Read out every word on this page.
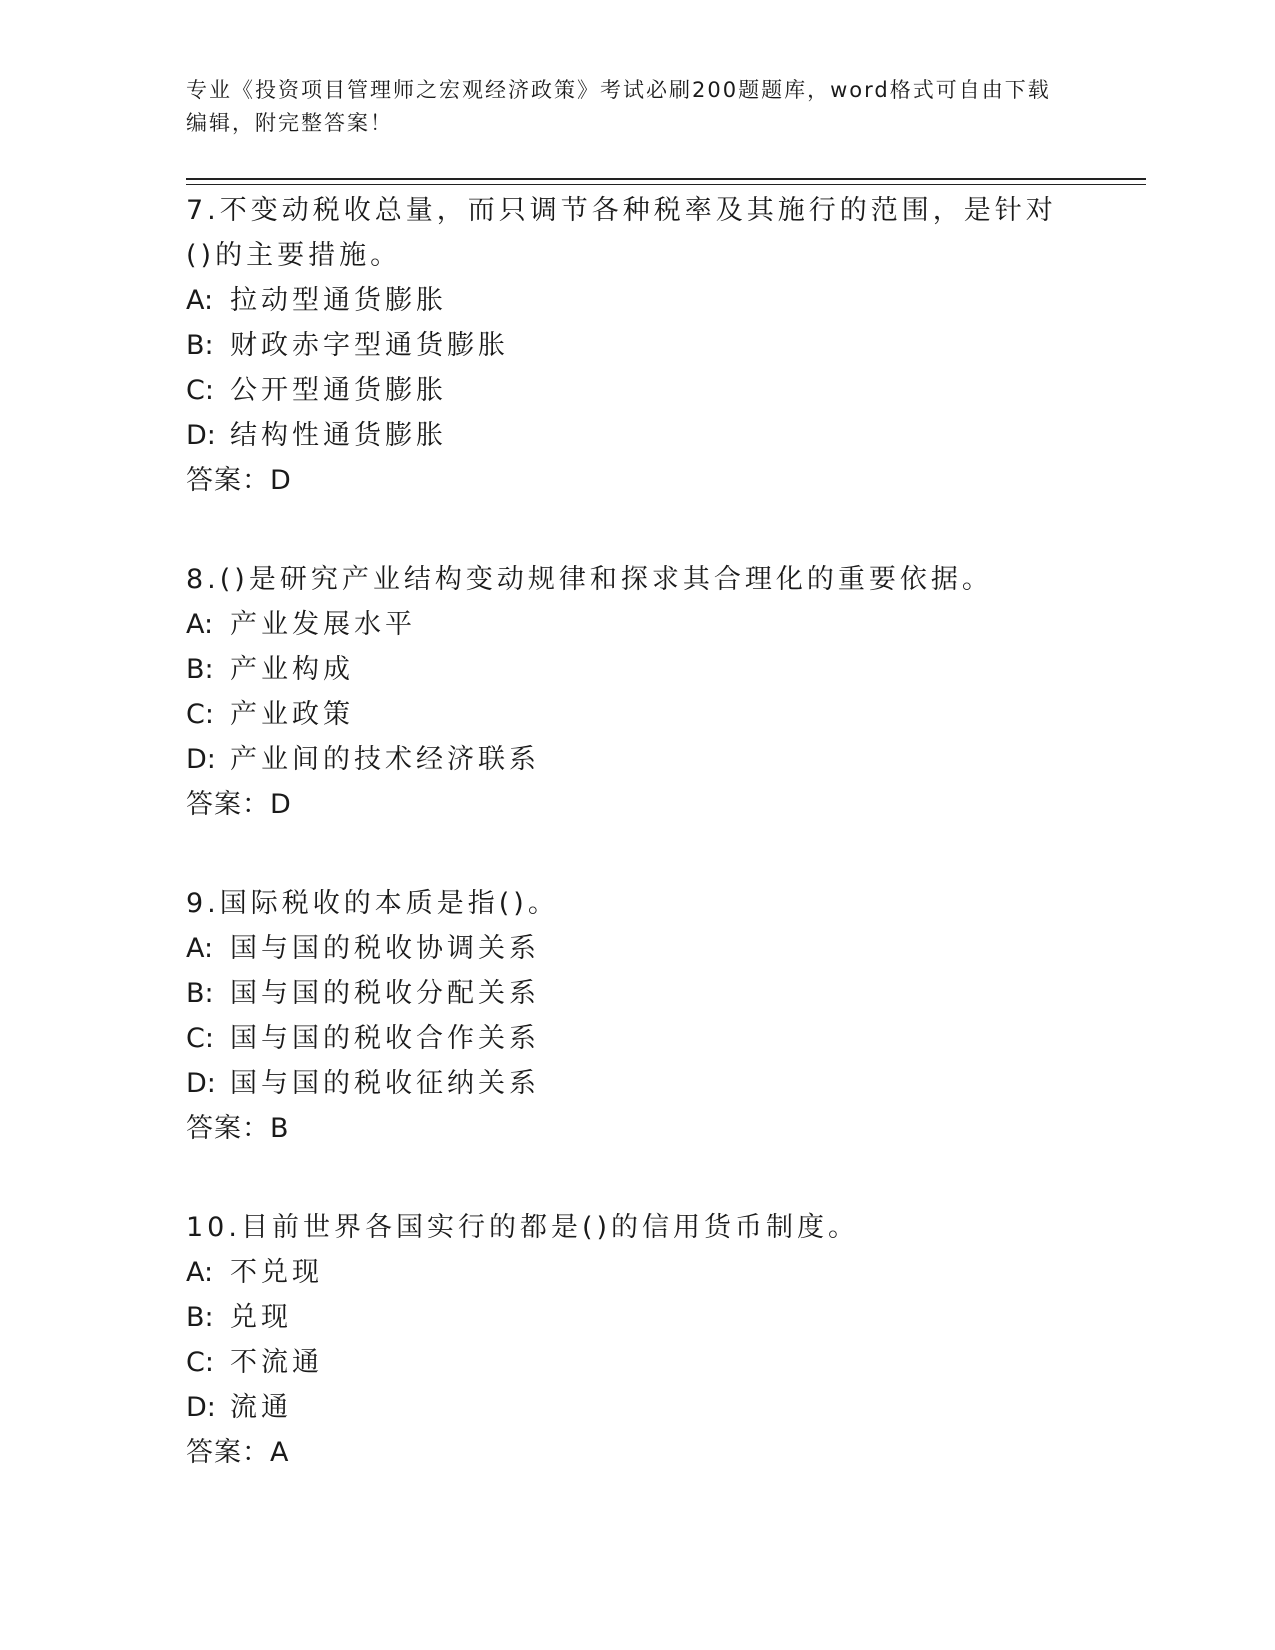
专业《投资项目管理师之宏观经济政策》考试必刷200题题库，word格式可自由下载编辑，附完整答案！

7.不变动税收总量，而只调节各种税率及其施行的范围，是针对()的主要措施。

A: 拉动型通货膨胀

B: 财政赤字型通货膨胀

C: 公开型通货膨胀

D: 结构性通货膨胀

答案：D

8.()是研究产业结构变动规律和探求其合理化的重要依据。

A: 产业发展水平

B: 产业构成

C: 产业政策

D: 产业间的技术经济联系

答案：D

9.国际税收的本质是指()。

A: 国与国的税收协调关系

B: 国与国的税收分配关系

C: 国与国的税收合作关系

D: 国与国的税收征纳关系

答案：B

10.目前世界各国实行的都是()的信用货币制度。

A: 不兑现

B: 兑现

C: 不流通

D: 流通

答案：A
